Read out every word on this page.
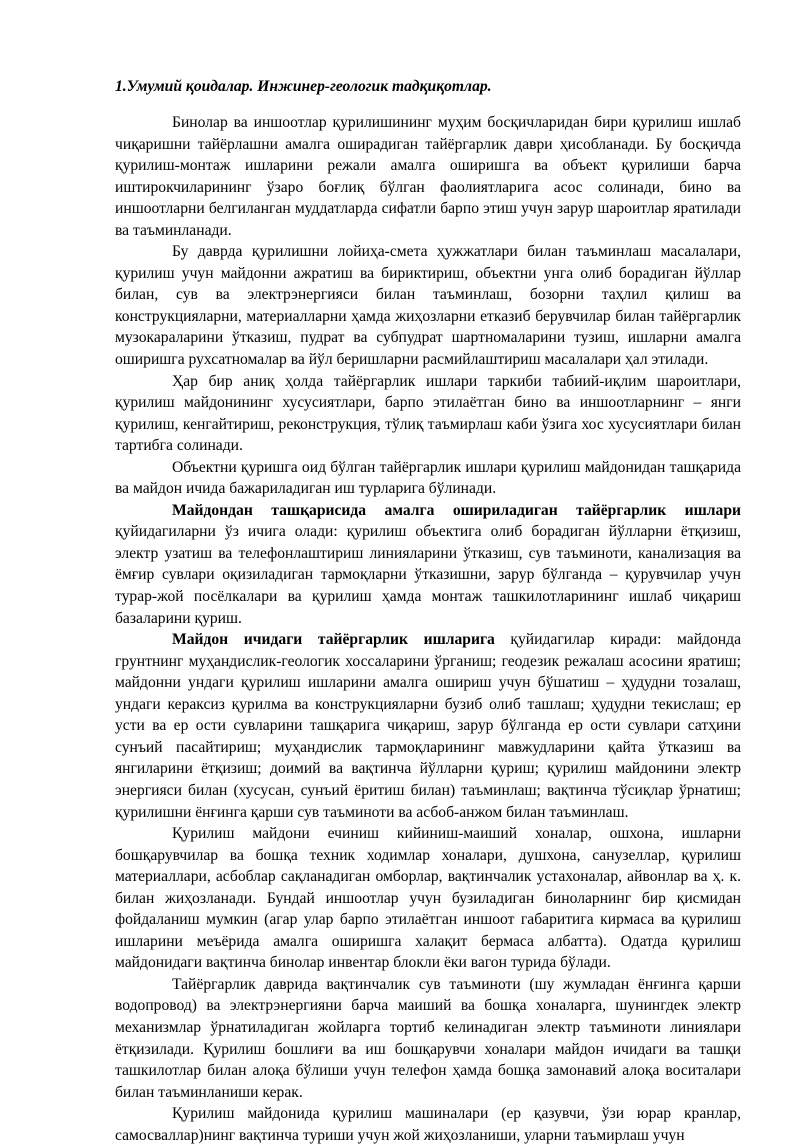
1.Умумий қоидалар. Инжинер-геологик тадқиқотлар.

Бинолар ва иншоотлар қурилишининг муҳим босқичларидан бири қурилиш ишлаб чиқаришни тайёрлашни амалга оширадиган тайёргарлик даври ҳисобланади. Бу босқичда қурилиш-монтаж ишларини режали амалга оширишга ва объект қурилиши барча иштирокчиларининг ўзаро боғлиқ бўлган фаолиятларига асос солинади, бино ва иншоотларни белгиланган муддатларда сифатли барпо этиш учун зарур шароитлар яратилади ва таъминланади.

Бу даврда қурилишни лойиҳа-смета ҳужжатлари билан таъминлаш масалалари, қурилиш учун майдонни ажратиш ва бириктириш, объектни унга олиб борадиган йўллар билан, сув ва электрэнергияси билан таъминлаш, бозорни таҳлил қилиш ва конструкцияларни, материалларни ҳамда жиҳозларни етказиб берувчилар билан тайёргарлик музокараларини ўтказиш, пудрат ва субпудрат шартномаларини тузиш, ишларни амалга оширишга рухсатномалар ва йўл беришларни расмийлаштириш масалалари ҳал этилади.

Ҳар бир аниқ ҳолда тайёргарлик ишлари таркиби табиий-иқлим шароитлари, қурилиш майдонининг хусусиятлари, барпо этилаётган бино ва иншоотларнинг – янги қурилиш, кенгайтириш, реконструкция, тўлиқ таъмирлаш каби ўзига хос хусусиятлари билан тартибга солинади.

Объектни қуришга оид бўлган тайёргарлик ишлари қурилиш майдонидан ташқарида ва майдон ичида бажариладиган иш турларига бўлинади.

Майдондан ташқарисида амалга ошириладиган тайёргарлик ишлари қуйидагиларни ўз ичига олади: қурилиш объектига олиб борадиган йўлларни ётқизиш, электр узатиш ва телефонлаштириш линияларини ўтказиш, сув таъминоти, канализация ва ёмғир сувлари оқизиладиган тармоқларни ўтказишни, зарур бўлганда – қурувчилар учун турар-жой посёлкалари ва қурилиш ҳамда монтаж ташкилотларининг ишлаб чиқариш базаларини қуриш.

Майдон ичидаги тайёргарлик ишларига қуйидагилар киради: майдонда грунтнинг муҳандислик-геологик хоссаларини ўрганиш; геодезик режалаш асосини яратиш; майдонни ундаги қурилиш ишларини амалга ошириш учун бўшатиш – ҳудудни тозалаш, ундаги кераксиз қурилма ва конструкцияларни бузиб олиб ташлаш; ҳудудни текислаш; ер усти ва ер ости сувларини ташқарига чиқариш, зарур бўлганда ер ости сувлари сатҳини сунъий пасайтириш; муҳандислик тармоқларининг мавжудларини қайта ўтказиш ва янгиларини ётқизиш; доимий ва вақтинча йўлларни қуриш; қурилиш майдонини электр энергияси билан (хусусан, сунъий ёритиш билан) таъминлаш; вақтинча тўсиқлар ўрнатиш; қурилишни ёнғинга қарши сув таъминоти ва асбоб-анжом билан таъминлаш.

Қурилиш майдони ечиниш кийиниш-маиший хоналар, ошхона, ишларни бошқарувчилар ва бошқа техник ходимлар хоналари, душхона, санузеллар, қурилиш материаллари, асбоблар сақланадиган омборлар, вақтинчалик устахоналар, айвонлар ва ҳ. к. билан жиҳозланади. Бундай иншоотлар учун бузиладиган биноларнинг бир қисмидан фойдаланиш мумкин (агар улар барпо этилаётган иншоот габаритига кирмаса ва қурилиш ишларини меъёрида амалга оширишга халақит бермаса албатта). Одатда қурилиш майдонидаги вақтинча бинолар инвентар блокли ёки вагон турида бўлади.

Тайёргарлик даврида вақтинчалик сув таъминоти (шу жумладан ёнғинга қарши водопровод) ва электрэнергияни барча маиший ва бошқа хоналарга, шунингдек электр механизмлар ўрнатиладиган жойларга тортиб келинадиган электр таъминоти линиялари ётқизилади. Қурилиш бошлиғи ва иш бошқарувчи хоналари майдон ичидаги ва ташқи ташкилотлар билан алоқа бўлиши учун телефон ҳамда бошқа замонавий алоқа воситалари билан таъминланиши керак.

Қурилиш майдонида қурилиш машиналари (ер қазувчи, ўзи юрар кранлар, самосваллар)нинг вақтинча туриши учун жой жиҳозланиши, уларни таъмирлаш учун
